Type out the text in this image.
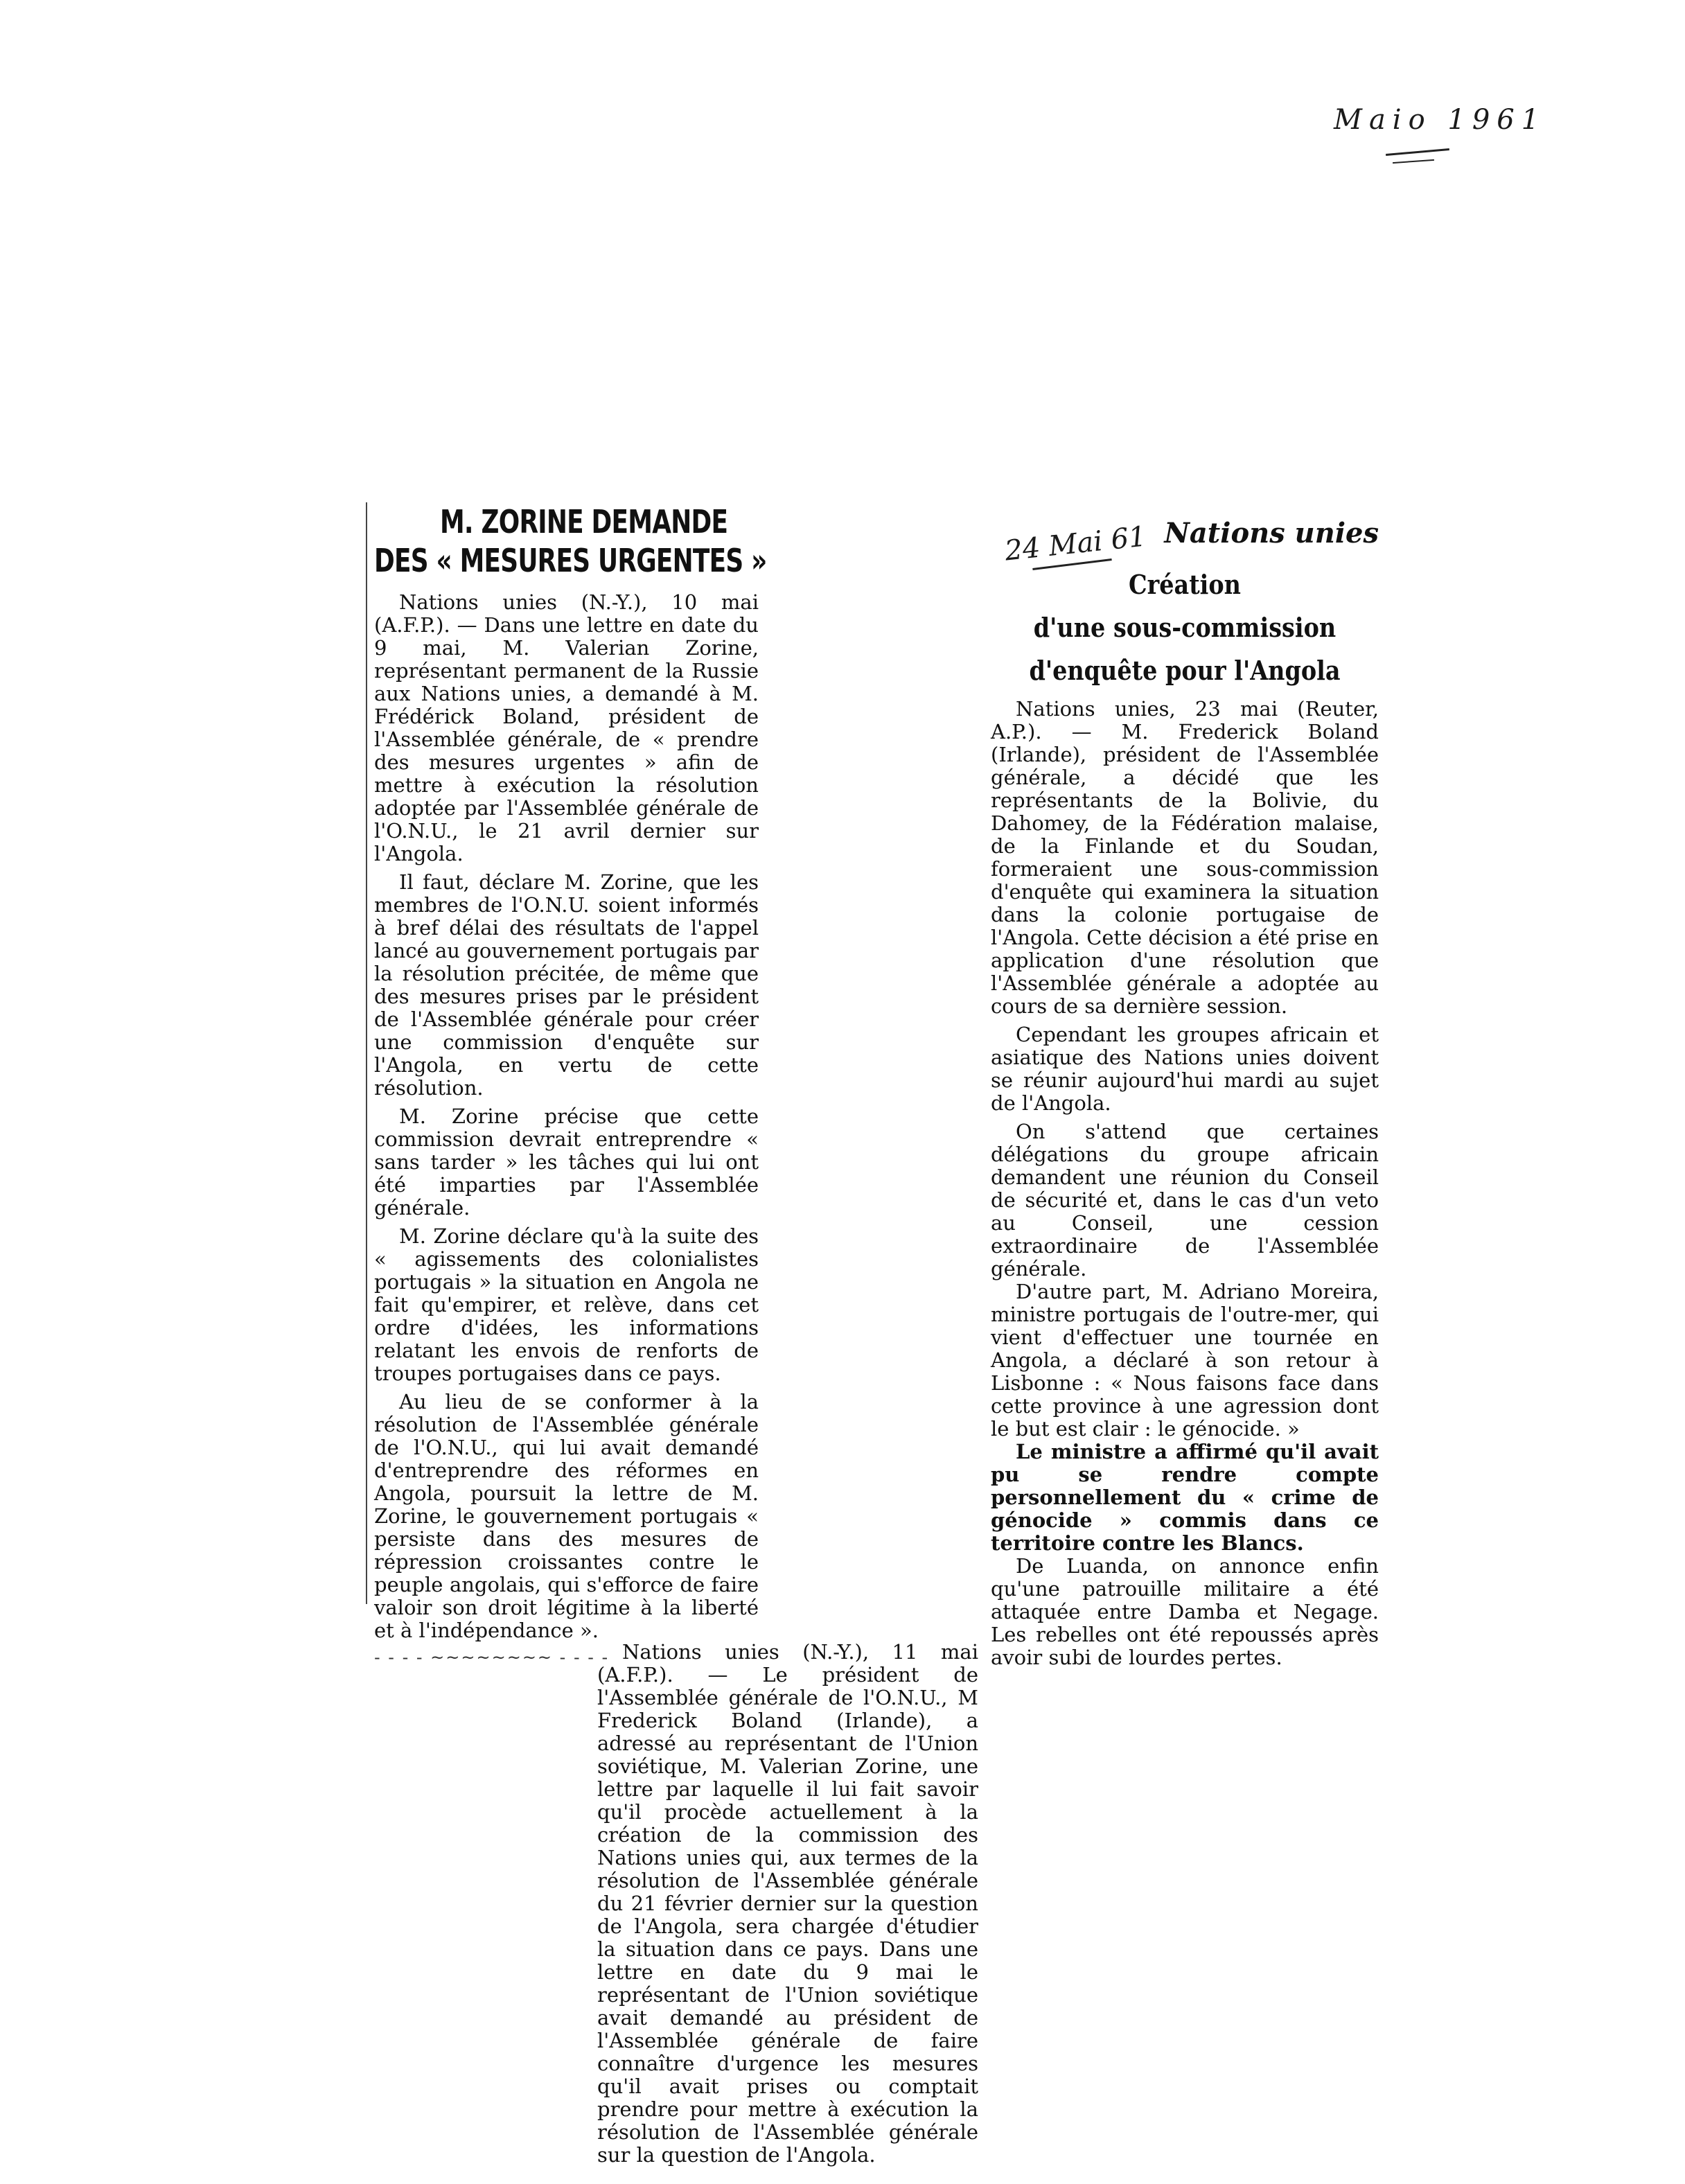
Maio 1961
M. ZORINE DEMANDE
DES « MESURES URGENTES »

Nations unies (N.-Y.), 10 mai (A.F.P.). — Dans une lettre en date du 9 mai, M. Valerian Zorine, représentant permanent de la Russie aux Nations unies, a demandé à M. Frédérick Boland, président de l'Assemblée générale, de « prendre des mesures urgentes » afin de mettre à exécution la résolution adoptée par l'Assemblée générale de l'O.N.U., le 21 avril dernier sur l'Angola.

Il faut, déclare M. Zorine, que les membres de l'O.N.U. soient informés à bref délai des résultats de l'appel lancé au gouvernement portugais par la résolution précitée, de même que des mesures prises par le président de l'Assemblée générale pour créer une commission d'enquête sur l'Angola, en vertu de cette résolution.

M. Zorine précise que cette commission devrait entreprendre « sans tarder » les tâches qui lui ont été imparties par l'Assemblée générale.

M. Zorine déclare qu'à la suite des « agissements des colonialistes portugais » la situation en Angola ne fait qu'empirer, et relève, dans cet ordre d'idées, les informations relatant les envois de renforts de troupes portugaises dans ce pays.

Au lieu de se conformer à la résolution de l'Assemblée générale de l'O.N.U., qui lui avait demandé d'entreprendre des réformes en Angola, poursuit la lettre de M. Zorine, le gouvernement portugais « persiste dans des mesures de répression croissantes contre le peuple angolais, qui s'efforce de faire valoir son droit légitime à la liberté et à l'indépendance ».

- - - - ~~~~~~~~ - - - -
24 Mai 61 Nations unies
Création
d'une sous-commission
d'enquête pour l'Angola

Nations unies, 23 mai (Reuter, A.P.). — M. Frederick Boland (Irlande), président de l'Assemblée générale, a décidé que les représentants de la Bolivie, du Dahomey, de la Fédération malaise, de la Finlande et du Soudan, formeraient une sous-commission d'enquête qui examinera la situation dans la colonie portugaise de l'Angola. Cette décision a été prise en application d'une résolution que l'Assemblée générale a adoptée au cours de sa dernière session.

Cependant les groupes africain et asiatique des Nations unies doivent se réunir aujourd'hui mardi au sujet de l'Angola.

On s'attend que certaines délégations du groupe africain demandent une réunion du Conseil de sécurité et, dans le cas d'un veto au Conseil, une cession extraordinaire de l'Assemblée générale.

D'autre part, M. Adriano Moreira, ministre portugais de l'outre-mer, qui vient d'effectuer une tournée en Angola, a déclaré à son retour à Lisbonne : « Nous faisons face dans cette province à une agression dont le but est clair : le génocide. »

Le ministre a affirmé qu'il avait pu se rendre compte personnellement du « crime de génocide » commis dans ce territoire contre les Blancs.

De Luanda, on annonce enfin qu'une patrouille militaire a été attaquée entre Damba et Negage. Les rebelles ont été repoussés après avoir subi de lourdes pertes.

Nations unies (N.-Y.), 11 mai (A.F.P.). — Le président de l'Assemblée générale de l'O.N.U., M Frederick Boland (Irlande), a adressé au représentant de l'Union soviétique, M. Valerian Zorine, une lettre par laquelle il lui fait savoir qu'il procède actuellement à la création de la commission des Nations unies qui, aux termes de la résolution de l'Assemblée générale du 21 février dernier sur la question de l'Angola, sera chargée d'étudier la situation dans ce pays. Dans une lettre en date du 9 mai le représentant de l'Union soviétique avait demandé au président de l'Assemblée générale de faire connaître d'urgence les mesures qu'il avait prises ou comptait prendre pour mettre à exécution la résolution de l'Assemblée générale sur la question de l'Angola.
